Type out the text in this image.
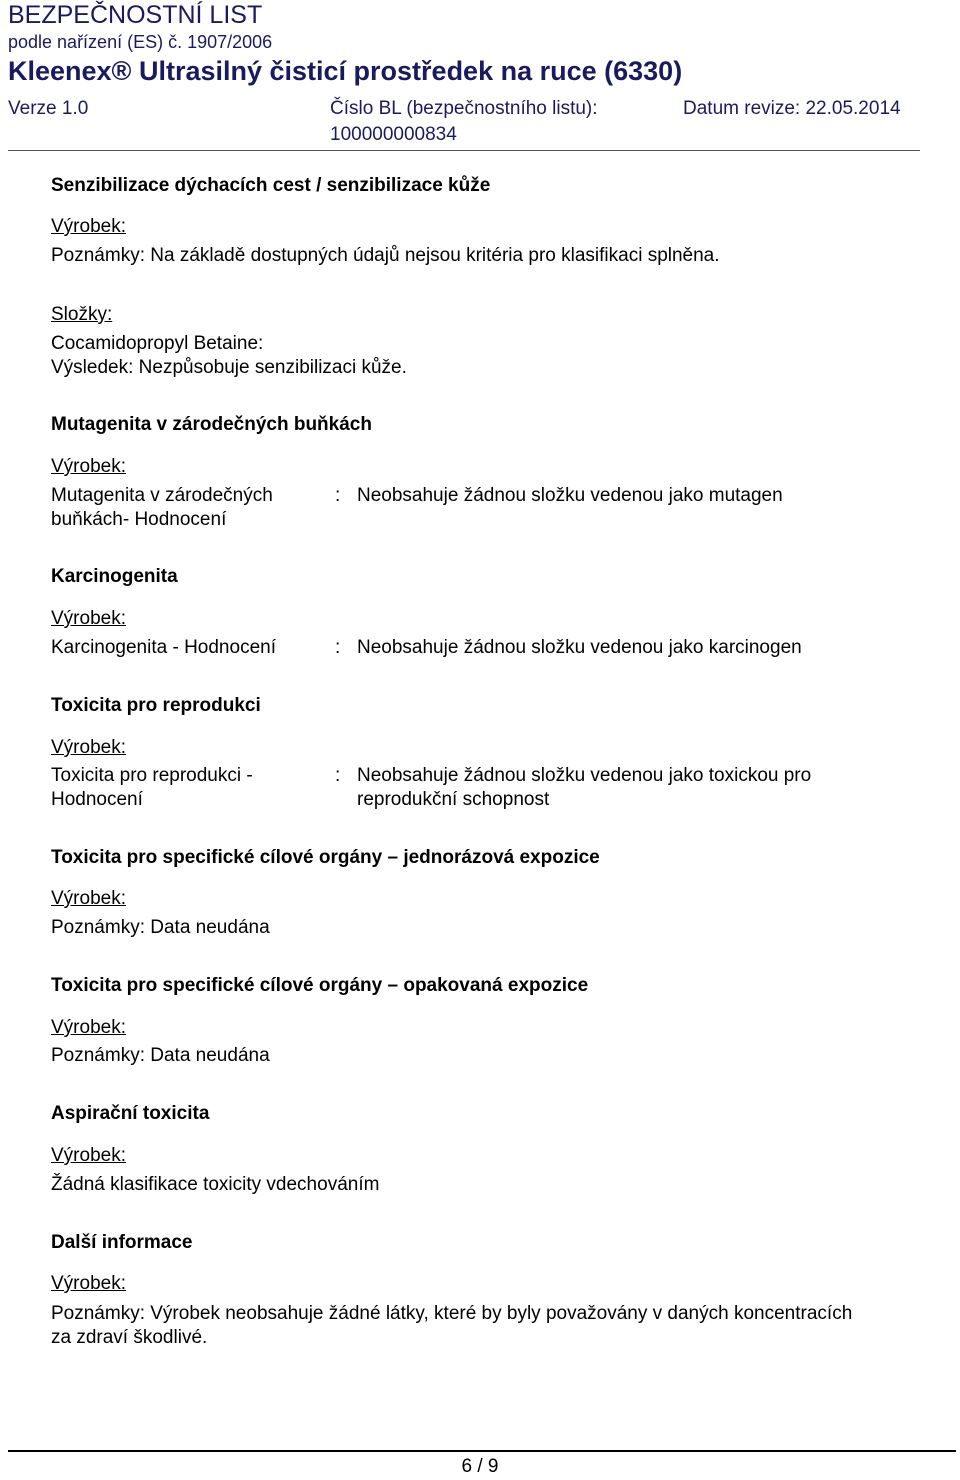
BEZPEČNOSTNÍ LIST
podle nařízení (ES) č. 1907/2006
Kleenex® Ultrasilný čisticí prostředek na ruce (6330)
Verze 1.0	Číslo BL (bezpečnostního listu):
100000000834
Datum revize: 22.05.2014
Senzibilizace dýchacích cest / senzibilizace kůže
Výrobek:
Poznámky: Na základě dostupných údajů nejsou kritéria pro klasifikaci splněna.
Složky:
Cocamidopropyl Betaine:
Výsledek: Nezpůsobuje senzibilizaci kůže.
Mutagenita v zárodečných buňkách
Výrobek:
Mutagenita v zárodečných
buňkách- Hodnocení
: Neobsahuje žádnou složku vedenou jako mutagen
Karcinogenita
Výrobek:
Karcinogenita - Hodnocení	: Neobsahuje žádnou složku vedenou jako karcinogen
Toxicita pro reprodukci
Výrobek:
Toxicita pro reprodukci -
Hodnocení
: Neobsahuje žádnou složku vedenou jako toxickou pro
reprodukční schopnost
Toxicita pro specifické cílové orgány – jednorázová expozice
Výrobek:
Poznámky: Data neudána
Toxicita pro specifické cílové orgány – opakovaná expozice
Výrobek:
Poznámky: Data neudána
Aspirační toxicita
Výrobek:
Žádná klasifikace toxicity vdechováním
Další informace
Výrobek:
Poznámky: Výrobek neobsahuje žádné látky, které by byly považovány v daných koncentracích
za zdraví škodlivé.
6 / 9
